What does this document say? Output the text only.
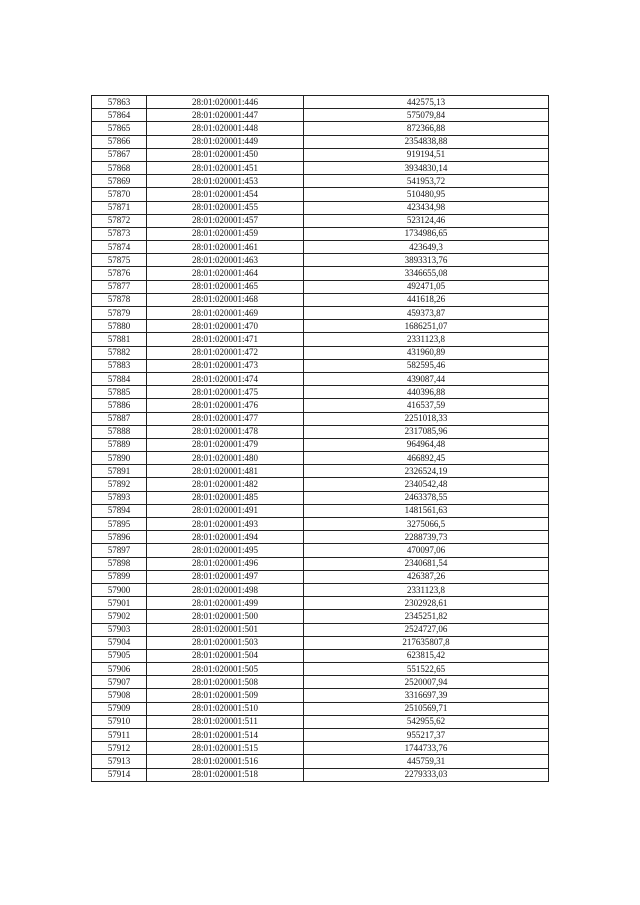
57863	28:01:020001:446	442575,13
57864	28:01:020001:447	575079,84
57865	28:01:020001:448	872366,88
57866	28:01:020001:449	2354838,88
57867	28:01:020001:450	919194,51
57868	28:01:020001:451	3934830,14
57869	28:01:020001:453	541953,72
57870	28:01:020001:454	510480,95
57871	28:01:020001:455	423434,98
57872	28:01:020001:457	523124,46
57873	28:01:020001:459	1734986,65
57874	28:01:020001:461	423649,3
57875	28:01:020001:463	3893313,76
57876	28:01:020001:464	3346655,08
57877	28:01:020001:465	492471,05
57878	28:01:020001:468	441618,26
57879	28:01:020001:469	459373,87
57880	28:01:020001:470	1686251,07
57881	28:01:020001:471	2331123,8
57882	28:01:020001:472	431960,89
57883	28:01:020001:473	582595,46
57884	28:01:020001:474	439087,44
57885	28:01:020001:475	440396,88
57886	28:01:020001:476	416537,59
57887	28:01:020001:477	2251018,33
57888	28:01:020001:478	2317085,96
57889	28:01:020001:479	964964,48
57890	28:01:020001:480	466892,45
57891	28:01:020001:481	2326524,19
57892	28:01:020001:482	2340542,48
57893	28:01:020001:485	2463378,55
57894	28:01:020001:491	1481561,63
57895	28:01:020001:493	3275066,5
57896	28:01:020001:494	2288739,73
57897	28:01:020001:495	470097,06
57898	28:01:020001:496	2340681,54
57899	28:01:020001:497	426387,26
57900	28:01:020001:498	2331123,8
57901	28:01:020001:499	2302928,61
57902	28:01:020001:500	2345251,82
57903	28:01:020001:501	2524727,06
57904	28:01:020001:503	217635807,8
57905	28:01:020001:504	623815,42
57906	28:01:020001:505	551522,65
57907	28:01:020001:508	2520007,94
57908	28:01:020001:509	3316697,39
57909	28:01:020001:510	2510569,71
57910	28:01:020001:511	542955,62
57911	28:01:020001:514	955217,37
57912	28:01:020001:515	1744733,76
57913	28:01:020001:516	445759,31
57914	28:01:020001:518	2279333,03
